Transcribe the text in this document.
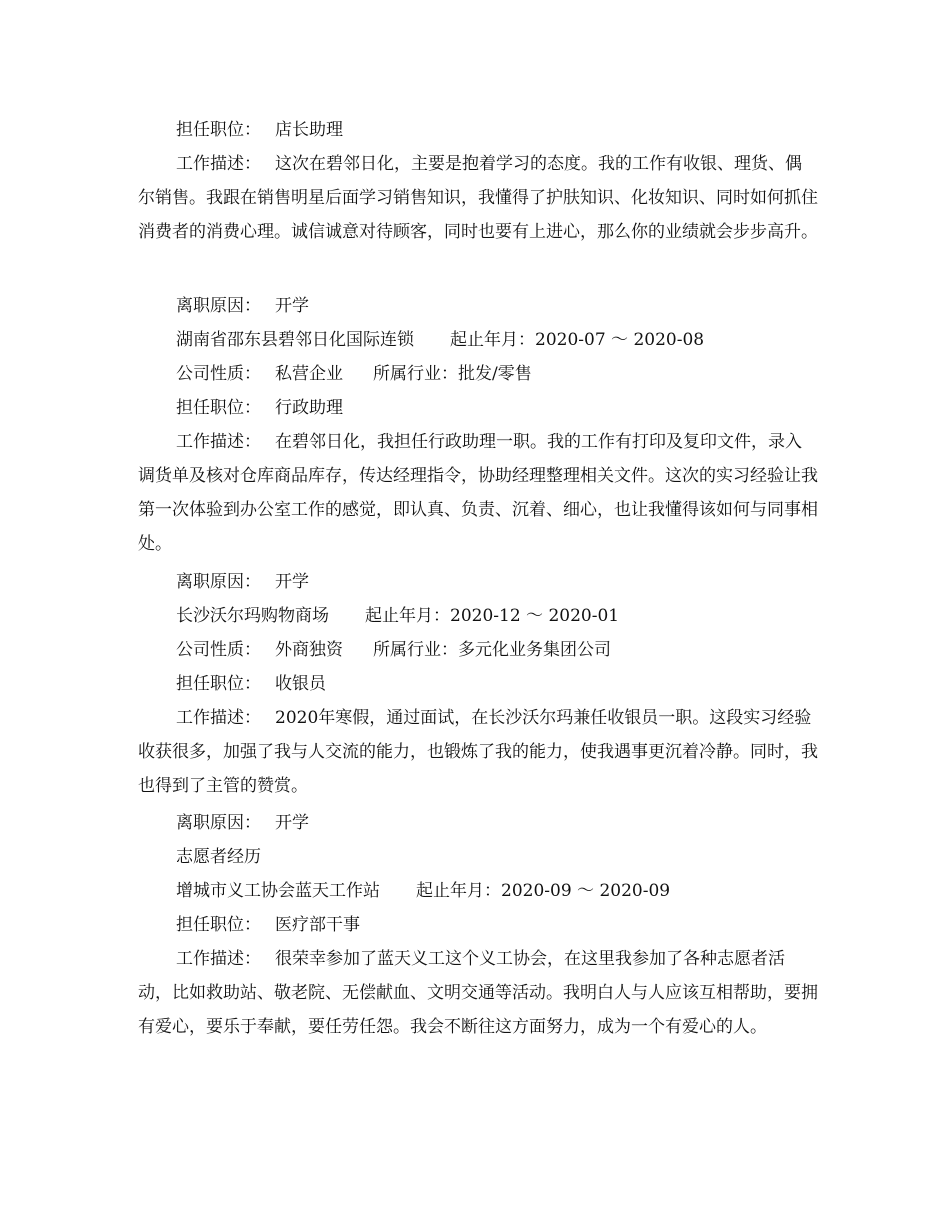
担任职位： 店长助理

工作描述： 这次在碧邻日化，主要是抱着学习的态度。我的工作有收银、理货、偶尔销售。我跟在销售明星后面学习销售知识，我懂得了护肤知识、化妆知识、同时如何抓住消费者的消费心理。诚信诚意对待顾客，同时也要有上进心，那么你的业绩就会步步高升。

离职原因： 开学
湖南省邵东县碧邻日化国际连锁 起止年月：2020-07 ～ 2020-08
公司性质： 私营企业 所属行业：批发/零售
担任职位： 行政助理

工作描述： 在碧邻日化，我担任行政助理一职。我的工作有打印及复印文件，录入调货单及核对仓库商品库存，传达经理指令，协助经理整理相关文件。这次的实习经验让我第一次体验到办公室工作的感觉，即认真、负责、沉着、细心，也让我懂得该如何与同事相处。

离职原因： 开学
长沙沃尔玛购物商场 起止年月：2020-12 ～ 2020-01
公司性质： 外商独资 所属行业：多元化业务集团公司
担任职位： 收银员

工作描述： 2020年寒假，通过面试，在长沙沃尔玛兼任收银员一职。这段实习经验收获很多，加强了我与人交流的能力，也锻炼了我的能力，使我遇事更沉着冷静。同时，我也得到了主管的赞赏。

离职原因： 开学
志愿者经历
增城市义工协会蓝天工作站 起止年月：2020-09 ～ 2020-09
担任职位： 医疗部干事

工作描述： 很荣幸参加了蓝天义工这个义工协会，在这里我参加了各种志愿者活动，比如救助站、敬老院、无偿献血、文明交通等活动。我明白人与人应该互相帮助，要拥有爱心，要乐于奉献，要任劳任怨。我会不断往这方面努力，成为一个有爱心的人。
